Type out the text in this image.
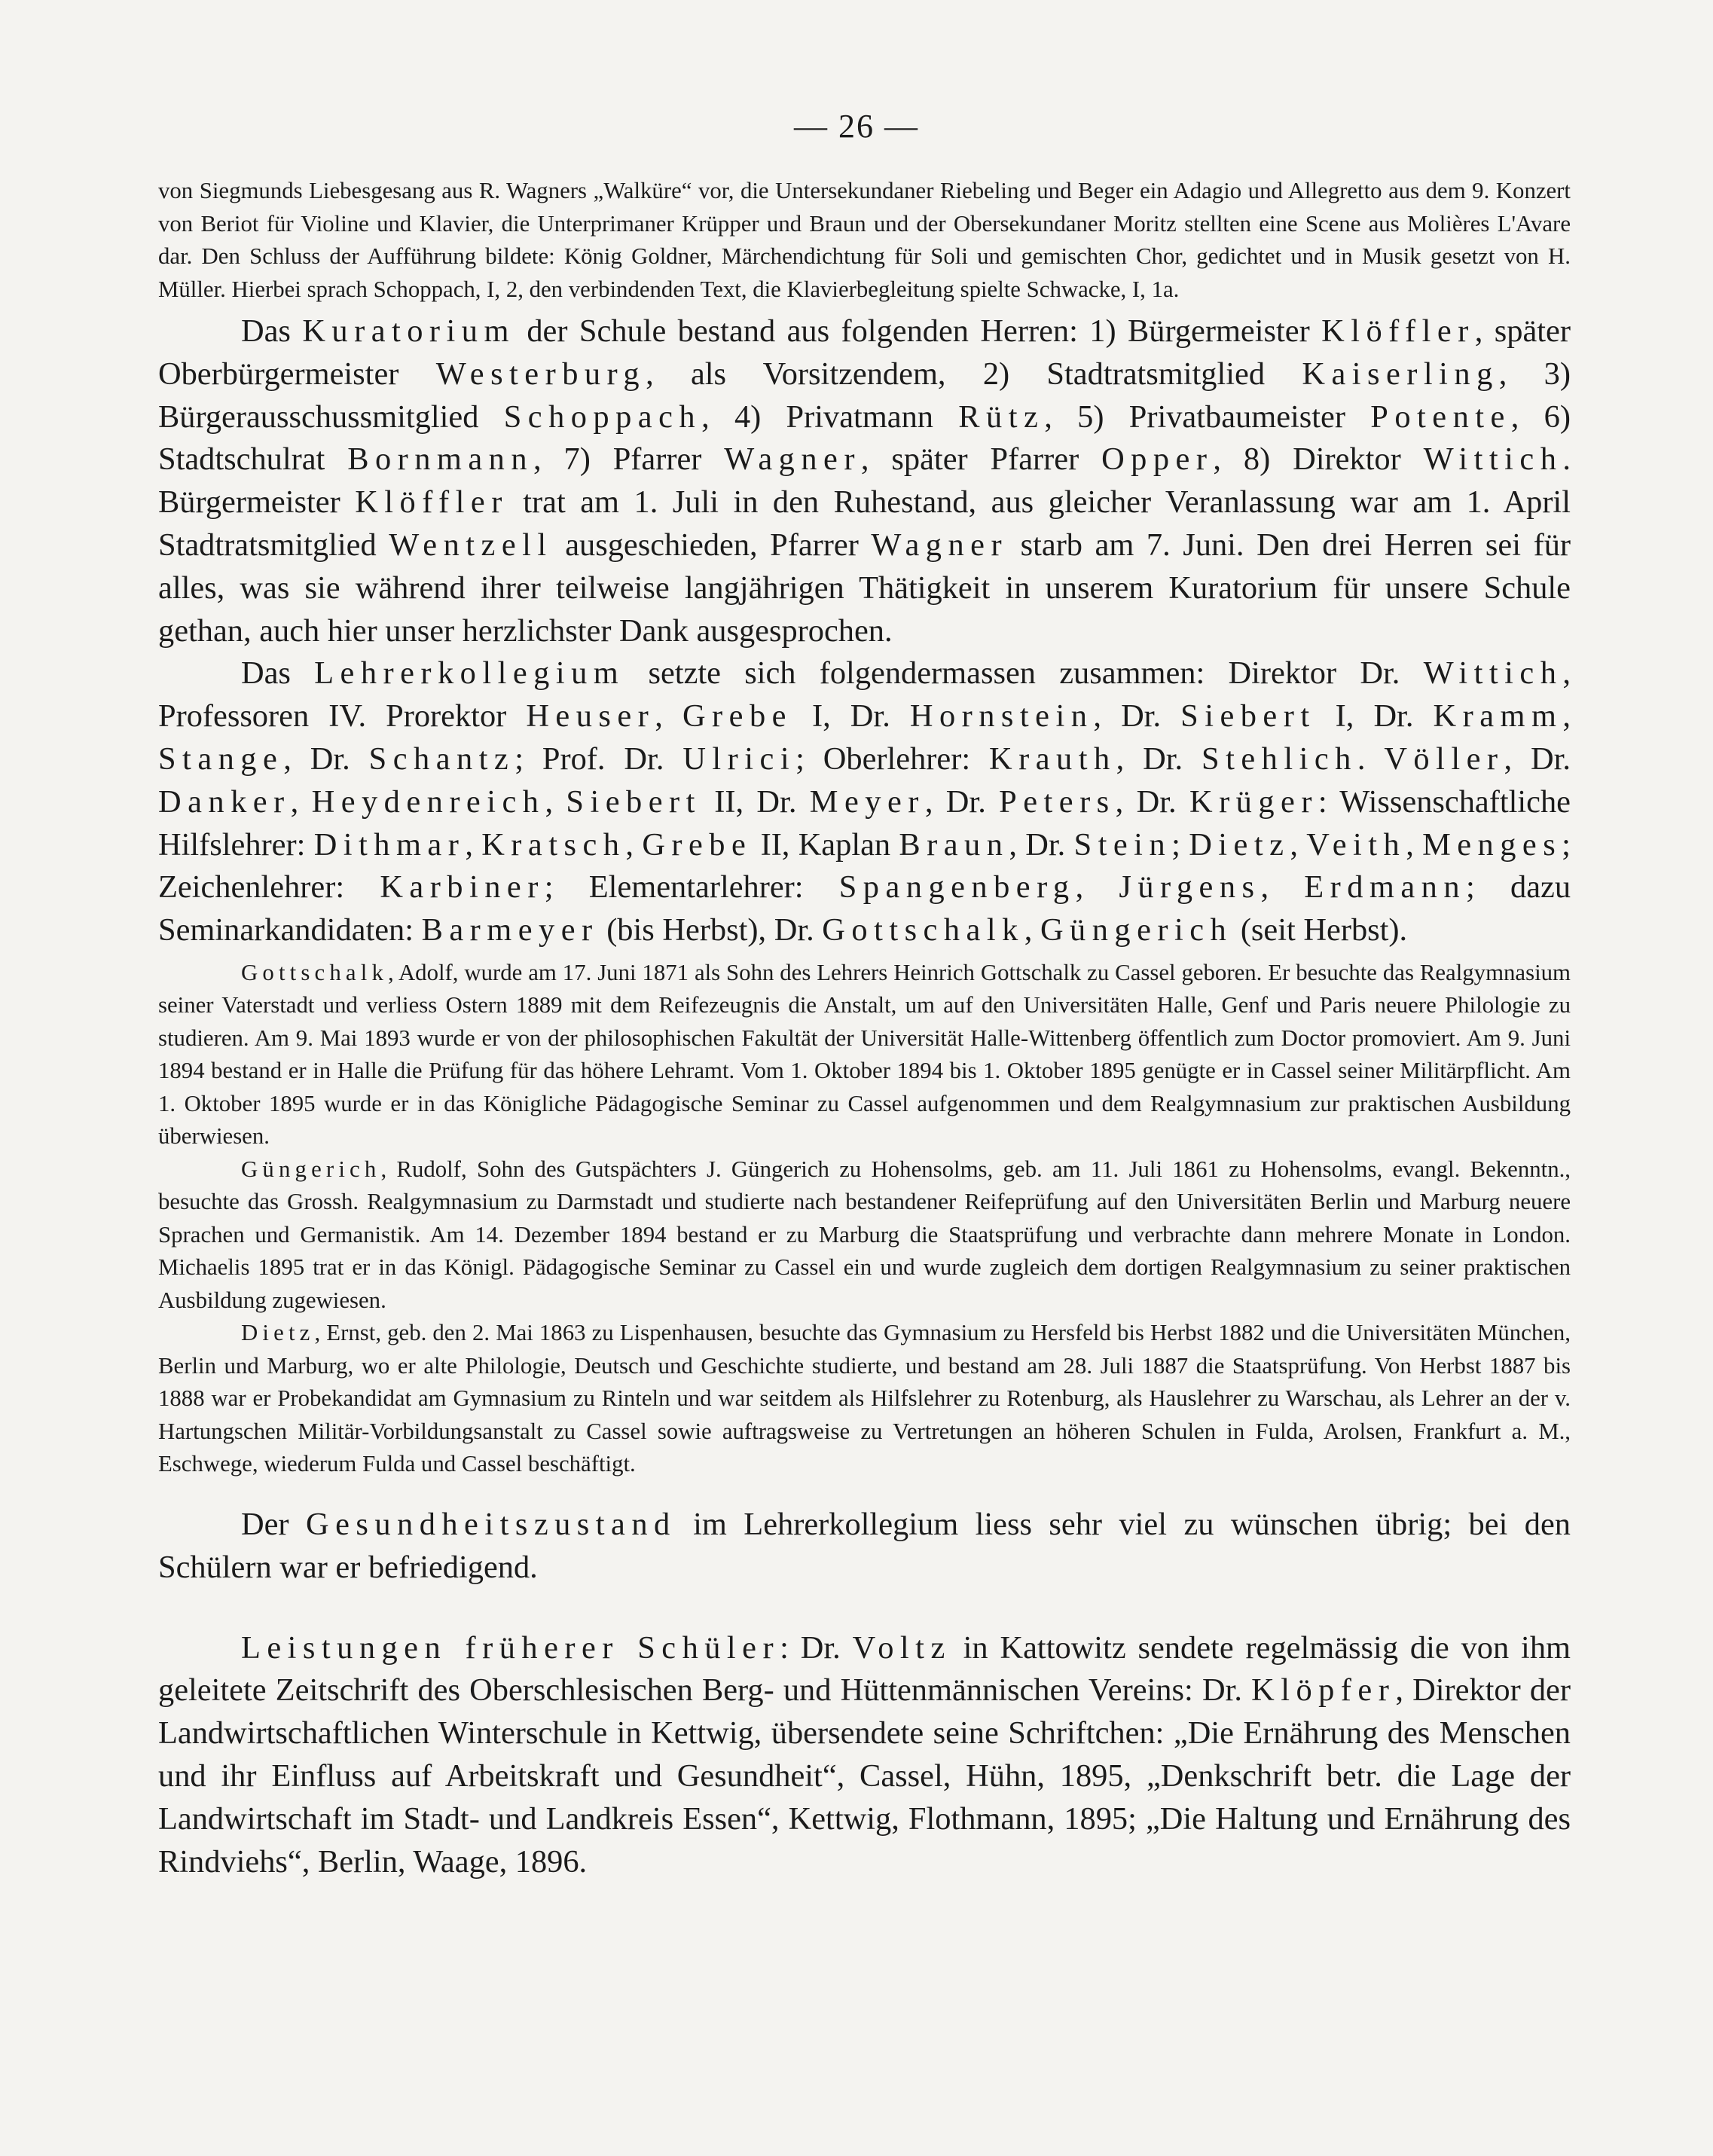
— 26 —

von Siegmunds Liebesgesang aus R. Wagners „Walküre“ vor, die Untersekundaner Riebeling und Beger ein Adagio und Allegretto aus dem 9. Konzert von Beriot für Violine und Klavier, die Unterprimaner Krüpper und Braun und der Obersekundaner Moritz stellten eine Scene aus Molières L'Avare dar. Den Schluss der Aufführung bildete: König Goldner, Märchendichtung für Soli und gemischten Chor, gedichtet und in Musik gesetzt von H. Müller. Hierbei sprach Schoppach, I, 2, den verbindenden Text, die Klavierbegleitung spielte Schwacke, I, 1a.

Das Kuratorium der Schule bestand aus folgenden Herren: 1) Bürgermeister Klöffler, später Oberbürgermeister Westerburg, als Vorsitzendem, 2) Stadtratsmitglied Kaiserling, 3) Bürgerausschussmitglied Schoppach, 4) Privatmann Rütz, 5) Privatbaumeister Potente, 6) Stadtschulrat Bornmann, 7) Pfarrer Wagner, später Pfarrer Opper, 8) Direktor Wittich. Bürgermeister Klöffler trat am 1. Juli in den Ruhestand, aus gleicher Veranlassung war am 1. April Stadtratsmitglied Wentzell ausgeschieden, Pfarrer Wagner starb am 7. Juni. Den drei Herren sei für alles, was sie während ihrer teilweise langjährigen Thätigkeit in unserem Kuratorium für unsere Schule gethan, auch hier unser herzlichster Dank ausgesprochen.

Das Lehrerkollegium setzte sich folgendermassen zusammen: Direktor Dr. Wittich, Professoren IV. Prorektor Heuser, Grebe I, Dr. Hornstein, Dr. Siebert I, Dr. Kramm, Stange, Dr. Schantz; Prof. Dr. Ulrici; Oberlehrer: Krauth, Dr. Stehlich. Völler, Dr. Danker, Heydenreich, Siebert II, Dr. Meyer, Dr. Peters, Dr. Krüger: Wissenschaftliche Hilfslehrer: Dithmar, Kratsch, Grebe II, Kaplan Braun, Dr. Stein; Dietz, Veith, Menges; Zeichenlehrer: Karbiner; Elementarlehrer: Spangenberg, Jürgens, Erdmann; dazu Seminarkandidaten: Barmeyer (bis Herbst), Dr. Gottschalk, Güngerich (seit Herbst).

Gottschalk, Adolf, wurde am 17. Juni 1871 als Sohn des Lehrers Heinrich Gottschalk zu Cassel geboren. Er besuchte das Realgymnasium seiner Vaterstadt und verliess Ostern 1889 mit dem Reifezeugnis die Anstalt, um auf den Universitäten Halle, Genf und Paris neuere Philologie zu studieren. Am 9. Mai 1893 wurde er von der philosophischen Fakultät der Universität Halle-Wittenberg öffentlich zum Doctor promoviert. Am 9. Juni 1894 bestand er in Halle die Prüfung für das höhere Lehramt. Vom 1. Oktober 1894 bis 1. Oktober 1895 genügte er in Cassel seiner Militärpflicht. Am 1. Oktober 1895 wurde er in das Königliche Pädagogische Seminar zu Cassel aufgenommen und dem Realgymnasium zur praktischen Ausbildung überwiesen.

Güngerich, Rudolf, Sohn des Gutspächters J. Güngerich zu Hohensolms, geb. am 11. Juli 1861 zu Hohensolms, evangl. Bekenntn., besuchte das Grossh. Realgymnasium zu Darmstadt und studierte nach bestandener Reifeprüfung auf den Universitäten Berlin und Marburg neuere Sprachen und Germanistik. Am 14. Dezember 1894 bestand er zu Marburg die Staatsprüfung und verbrachte dann mehrere Monate in London. Michaelis 1895 trat er in das Königl. Pädagogische Seminar zu Cassel ein und wurde zugleich dem dortigen Realgymnasium zu seiner praktischen Ausbildung zugewiesen.

Dietz, Ernst, geb. den 2. Mai 1863 zu Lispenhausen, besuchte das Gymnasium zu Hersfeld bis Herbst 1882 und die Universitäten München, Berlin und Marburg, wo er alte Philologie, Deutsch und Geschichte studierte, und bestand am 28. Juli 1887 die Staatsprüfung. Von Herbst 1887 bis 1888 war er Probekandidat am Gymnasium zu Rinteln und war seitdem als Hilfslehrer zu Rotenburg, als Hauslehrer zu Warschau, als Lehrer an der v. Hartungschen Militär-Vorbildungsanstalt zu Cassel sowie auftragsweise zu Vertretungen an höheren Schulen in Fulda, Arolsen, Frankfurt a. M., Eschwege, wiederum Fulda und Cassel beschäftigt.

Der Gesundheitszustand im Lehrerkollegium liess sehr viel zu wünschen übrig; bei den Schülern war er befriedigend.

Leistungen früherer Schüler: Dr. Voltz in Kattowitz sendete regelmässig die von ihm geleitete Zeitschrift des Oberschlesischen Berg- und Hüttenmännischen Vereins: Dr. Klöpfer, Direktor der Landwirtschaftlichen Winterschule in Kettwig, übersendete seine Schriftchen: „Die Ernährung des Menschen und ihr Einfluss auf Arbeitskraft und Gesundheit“, Cassel, Hühn, 1895, „Denkschrift betr. die Lage der Landwirtschaft im Stadt- und Landkreis Essen“, Kettwig, Flothmann, 1895; „Die Haltung und Ernährung des Rindviehs“, Berlin, Waage, 1896.
